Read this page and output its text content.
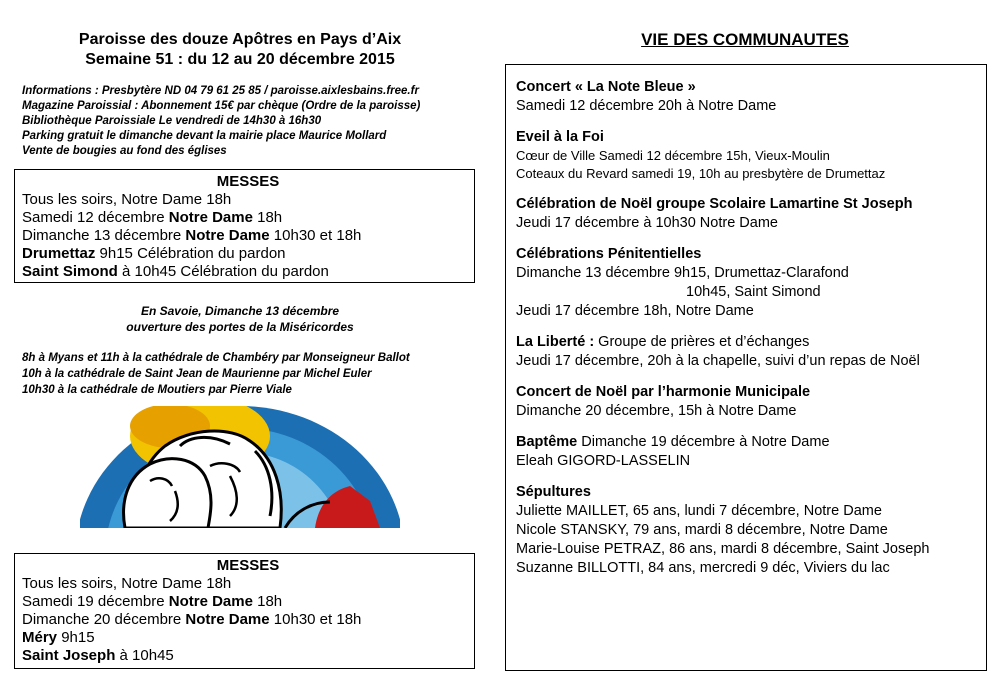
Paroisse des douze Apôtres en Pays d’Aix
Semaine 51 : du 12 au 20 décembre 2015
Informations : Presbytère ND 04 79 61 25 85 / paroisse.aixlesbains.free.fr
Magazine Paroissial : Abonnement 15€ par chèque (Ordre de la paroisse)
Bibliothèque Paroissiale Le vendredi de 14h30 à 16h30
Parking gratuit le dimanche devant la mairie place Maurice Mollard
Vente de bougies au fond des églises
MESSES
Tous les soirs, Notre Dame 18h
Samedi 12 décembre Notre Dame 18h
Dimanche 13 décembre Notre Dame 10h30 et 18h
Drumettaz 9h15 Célébration du pardon
Saint Simond à 10h45 Célébration du pardon
En Savoie, Dimanche 13 décembre
ouverture des portes de la Miséricordes
8h à Myans et 11h à la cathédrale de Chambéry par Monseigneur Ballot
10h à la cathédrale de Saint Jean de Maurienne par Michel Euler
10h30 à la cathédrale de Moutiers par Pierre Viale
MESSES
Tous les soirs, Notre Dame 18h
Samedi 19 décembre Notre Dame 18h
Dimanche 20 décembre Notre Dame 10h30 et 18h
Méry 9h15
Saint Joseph à 10h45
VIE DES COMMUNAUTES
Concert « La Note Bleue »
Samedi 12 décembre 20h à Notre Dame
Eveil à la Foi
Cœur de Ville Samedi 12 décembre 15h, Vieux-Moulin
Coteaux du Revard samedi 19, 10h au presbytère de Drumettaz
Célébration de Noël groupe Scolaire Lamartine St Joseph
Jeudi 17 décembre à 10h30 Notre Dame
Célébrations Pénitentielles
Dimanche 13 décembre 9h15, Drumettaz-Clarafond
10h45, Saint Simond
Jeudi 17 décembre 18h, Notre Dame
La Liberté : Groupe de prières et d’échanges
Jeudi 17 décembre, 20h à la chapelle, suivi d’un repas de Noël
Concert de Noël par l’harmonie Municipale
Dimanche 20 décembre, 15h à Notre Dame
Baptême Dimanche 19 décembre à Notre Dame
Eleah GIGORD-LASSELIN
Sépultures
Juliette MAILLET, 65 ans, lundi 7 décembre, Notre Dame
Nicole STANSKY, 79 ans, mardi 8 décembre, Notre Dame
Marie-Louise PETRAZ, 86 ans, mardi 8 décembre, Saint Joseph
Suzanne BILLOTTI, 84 ans, mercredi 9 déc, Viviers du lac
